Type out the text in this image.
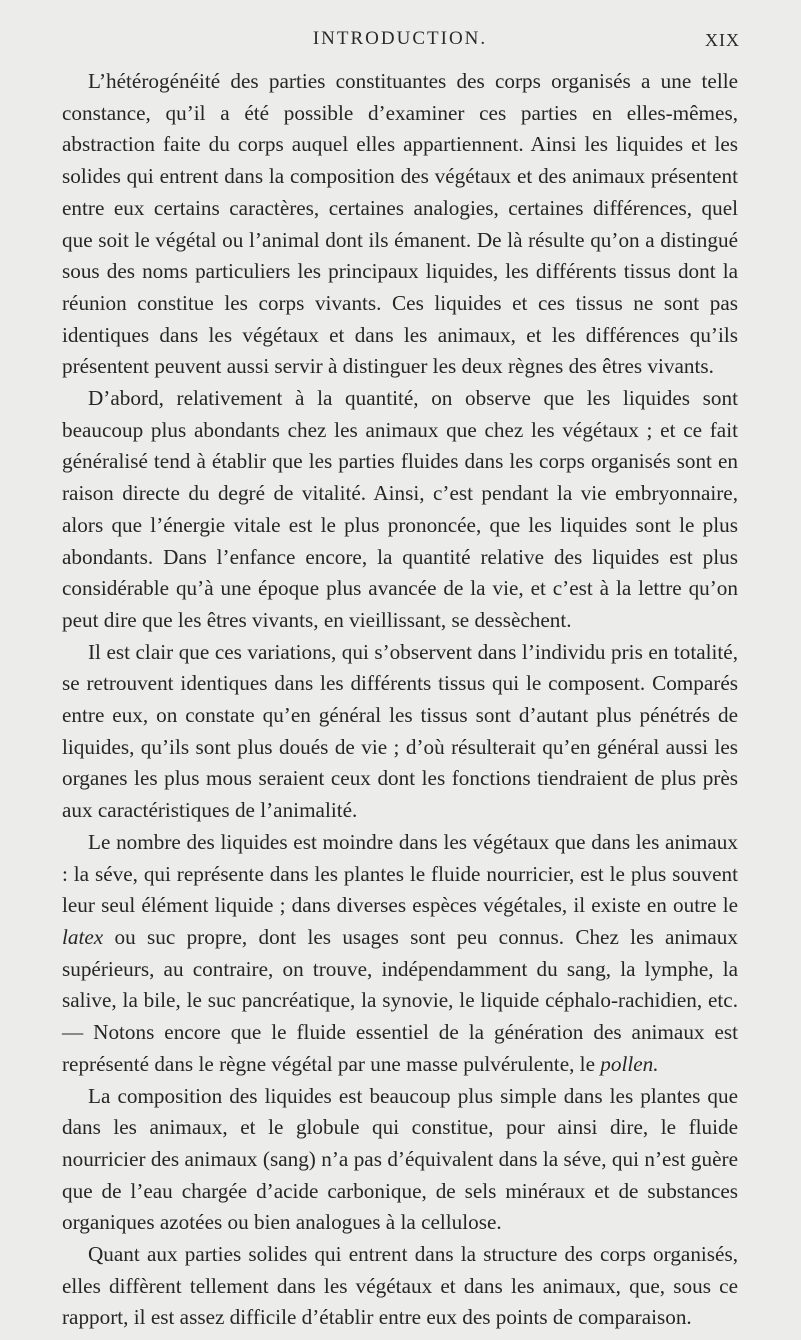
INTRODUCTION.	XIX

L’hétérogénéité des parties constituantes des corps organisés a une telle constance, qu’il a été possible d’examiner ces parties en elles-mêmes, abstraction faite du corps auquel elles appartiennent. Ainsi les liquides et les solides qui entrent dans la composition des végétaux et des animaux présentent entre eux certains caractères, certaines analogies, certaines différences, quel que soit le végétal ou l’animal dont ils émanent. De là résulte qu’on a distingué sous des noms particuliers les principaux liquides, les différents tissus dont la réunion constitue les corps vivants. Ces liquides et ces tissus ne sont pas identiques dans les végétaux et dans les animaux, et les différences qu’ils présentent peuvent aussi servir à distinguer les deux règnes des êtres vivants.

D’abord, relativement à la quantité, on observe que les liquides sont beaucoup plus abondants chez les animaux que chez les végétaux ; et ce fait généralisé tend à établir que les parties fluides dans les corps organisés sont en raison directe du degré de vitalité. Ainsi, c’est pendant la vie embryonnaire, alors que l’énergie vitale est le plus prononcée, que les liquides sont le plus abondants. Dans l’enfance encore, la quantité relative des liquides est plus considérable qu’à une époque plus avancée de la vie, et c’est à la lettre qu’on peut dire que les êtres vivants, en vieillissant, se dessèchent.

Il est clair que ces variations, qui s’observent dans l’individu pris en totalité, se retrouvent identiques dans les différents tissus qui le composent. Comparés entre eux, on constate qu’en général les tissus sont d’autant plus pénétrés de liquides, qu’ils sont plus doués de vie ; d’où résulterait qu’en général aussi les organes les plus mous seraient ceux dont les fonctions tiendraient de plus près aux caractéristiques de l’animalité.

Le nombre des liquides est moindre dans les végétaux que dans les animaux : la séve, qui représente dans les plantes le fluide nourricier, est le plus souvent leur seul élément liquide ; dans diverses espèces végétales, il existe en outre le latex ou suc propre, dont les usages sont peu connus. Chez les animaux supérieurs, au contraire, on trouve, indépendamment du sang, la lymphe, la salive, la bile, le suc pancréatique, la synovie, le liquide céphalo-rachidien, etc. — Notons encore que le fluide essentiel de la génération des animaux est représenté dans le règne végétal par une masse pulvérulente, le pollen.

La composition des liquides est beaucoup plus simple dans les plantes que dans les animaux, et le globule qui constitue, pour ainsi dire, le fluide nourricier des animaux (sang) n’a pas d’équivalent dans la séve, qui n’est guère que de l’eau chargée d’acide carbonique, de sels minéraux et de substances organiques azotées ou bien analogues à la cellulose.

Quant aux parties solides qui entrent dans la structure des corps organisés, elles diffèrent tellement dans les végétaux et dans les animaux, que, sous ce rapport, il est assez difficile d’établir entre eux des points de comparaison.
